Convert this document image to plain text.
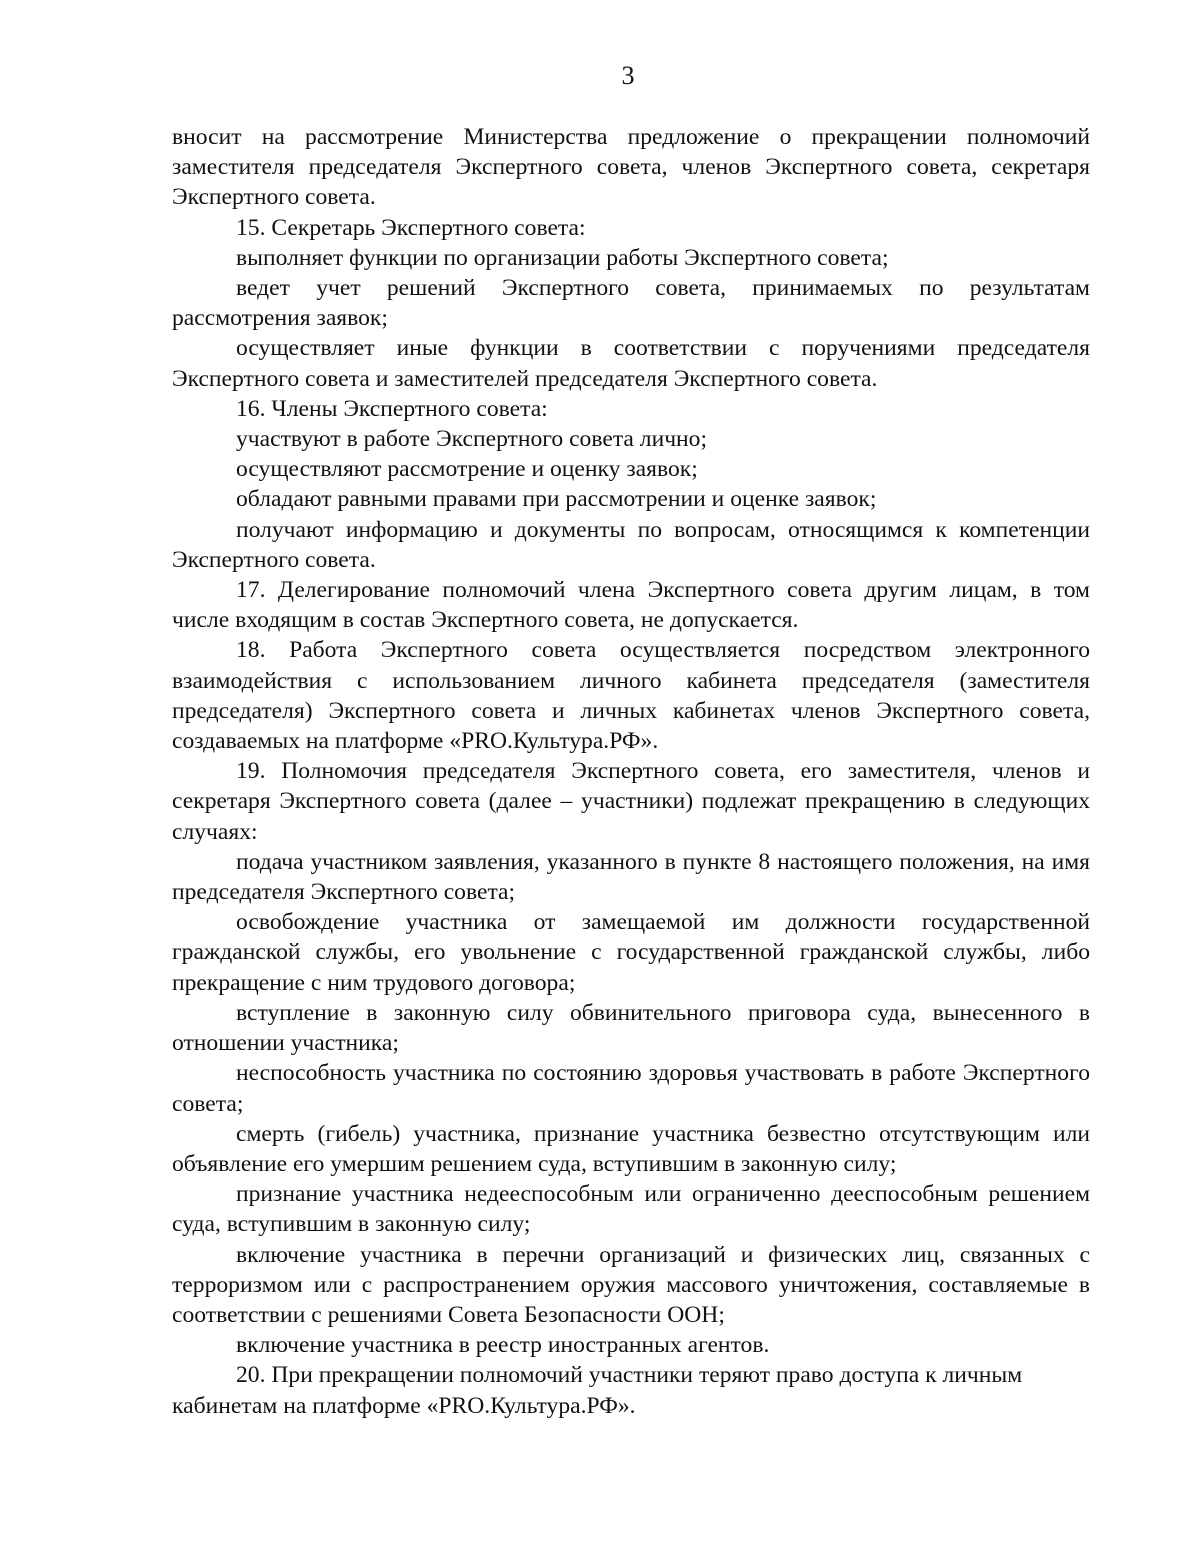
3

вносит на рассмотрение Министерства предложение о прекращении полномочий заместителя председателя Экспертного совета, членов Экспертного совета, секретаря Экспертного совета.

15. Секретарь Экспертного совета:

выполняет функции по организации работы Экспертного совета;

ведет учет решений Экспертного совета, принимаемых по результатам рассмотрения заявок;

осуществляет иные функции в соответствии с поручениями председателя Экспертного совета и заместителей председателя Экспертного совета.

16. Члены Экспертного совета:

участвуют в работе Экспертного совета лично;

осуществляют рассмотрение и оценку заявок;

обладают равными правами при рассмотрении и оценке заявок;

получают информацию и документы по вопросам, относящимся к компетенции Экспертного совета.

17. Делегирование полномочий члена Экспертного совета другим лицам, в том числе входящим в состав Экспертного совета, не допускается.

18. Работа Экспертного совета осуществляется посредством электронного взаимодействия с использованием личного кабинета председателя (заместителя председателя) Экспертного совета и личных кабинетах членов Экспертного совета, создаваемых на платформе «PRO.Культура.РФ».

19. Полномочия председателя Экспертного совета, его заместителя, членов и секретаря Экспертного совета (далее – участники) подлежат прекращению в следующих случаях:

подача участником заявления, указанного в пункте 8 настоящего положения, на имя председателя Экспертного совета;

освобождение участника от замещаемой им должности государственной гражданской службы, его увольнение с государственной гражданской службы, либо прекращение с ним трудового договора;

вступление в законную силу обвинительного приговора суда, вынесенного в отношении участника;

неспособность участника по состоянию здоровья участвовать в работе Экспертного совета;

смерть (гибель) участника, признание участника безвестно отсутствующим или объявление его умершим решением суда, вступившим в законную силу;

признание участника недееспособным или ограниченно дееспособным решением суда, вступившим в законную силу;

включение участника в перечни организаций и физических лиц, связанных с терроризмом или с распространением оружия массового уничтожения, составляемые в соответствии с решениями Совета Безопасности ООН;

включение участника в реестр иностранных агентов.

20. При прекращении полномочий участники теряют право доступа к личным кабинетам на платформе «PRO.Культура.РФ».
